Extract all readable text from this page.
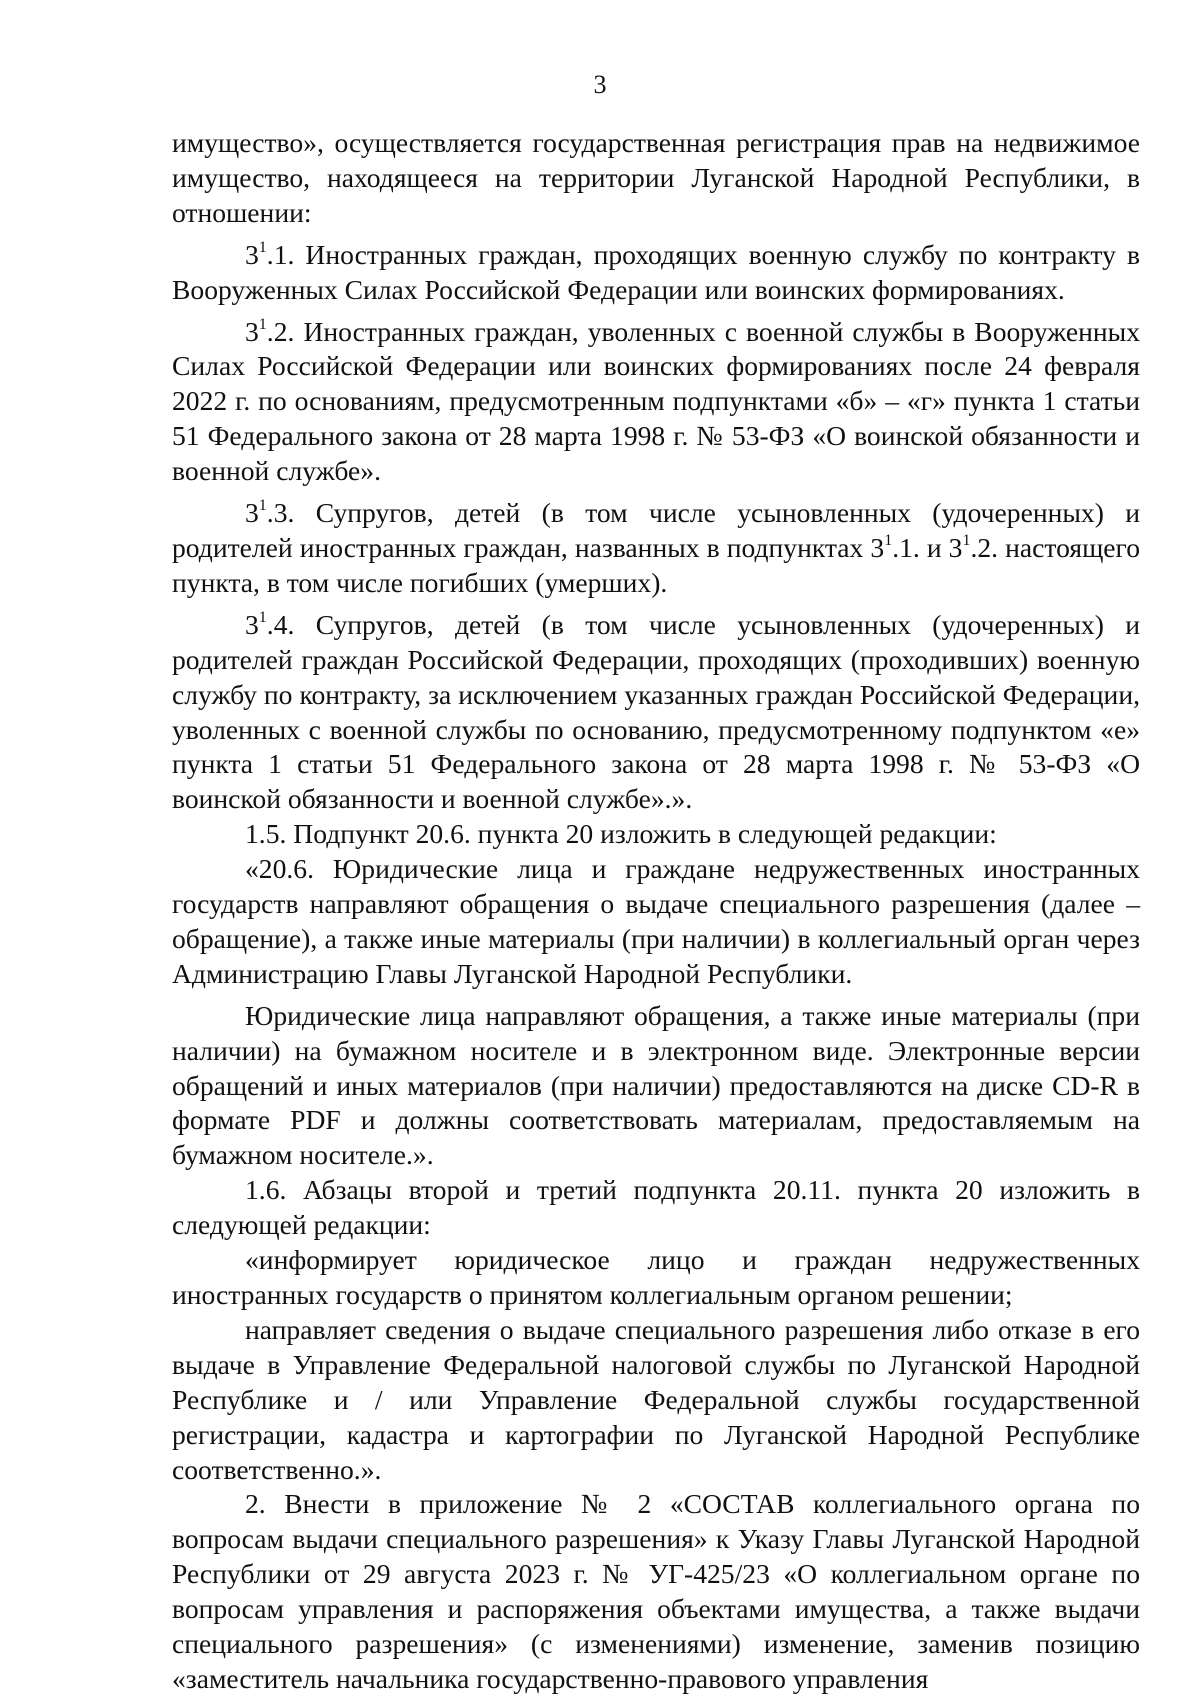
3

имущество», осуществляется государственная регистрация прав на недвижимое имущество, находящееся на территории Луганской Народной Республики, в отношении:

$3^1.1$. Иностранных граждан, проходящих военную службу по контракту в Вооруженных Силах Российской Федерации или воинских формированиях.

$3^1.2$. Иностранных граждан, уволенных с военной службы в Вооруженных Силах Российской Федерации или воинских формированиях после 24 февраля 2022 г. по основаниям, предусмотренным подпунктами «б» – «г» пункта 1 статьи 51 Федерального закона от 28 марта 1998 г. № 53-ФЗ «О воинской обязанности и военной службе».

$3^1.3$. Супругов, детей (в том числе усыновленных (удочеренных) и родителей иностранных граждан, названных в подпунктах $3^1.1$. и $3^1.2$. настоящего пункта, в том числе погибших (умерших).

$3^1.4$. Супругов, детей (в том числе усыновленных (удочеренных) и родителей граждан Российской Федерации, проходящих (проходивших) военную службу по контракту, за исключением указанных граждан Российской Федерации, уволенных с военной службы по основанию, предусмотренному подпунктом «е» пункта 1 статьи 51 Федерального закона от 28 марта 1998 г. № 53-ФЗ «О воинской обязанности и военной службе».».

1.5. Подпункт 20.6. пункта 20 изложить в следующей редакции:

«20.6. Юридические лица и граждане недружественных иностранных государств направляют обращения о выдаче специального разрешения (далее – обращение), а также иные материалы (при наличии) в коллегиальный орган через Администрацию Главы Луганской Народной Республики.

Юридические лица направляют обращения, а также иные материалы (при наличии) на бумажном носителе и в электронном виде. Электронные версии обращений и иных материалов (при наличии) предоставляются на диске CD-R в формате PDF и должны соответствовать материалам, предоставляемым на бумажном носителе.».

1.6. Абзацы второй и третий подпункта 20.11. пункта 20 изложить в следующей редакции:

«информирует юридическое лицо и граждан недружественных иностранных государств о принятом коллегиальным органом решении;

направляет сведения о выдаче специального разрешения либо отказе в его выдаче в Управление Федеральной налоговой службы по Луганской Народной Республике и / или Управление Федеральной службы государственной регистрации, кадастра и картографии по Луганской Народной Республике соответственно.».

2. Внести в приложение № 2 «СОСТАВ коллегиального органа по вопросам выдачи специального разрешения» к Указу Главы Луганской Народной Республики от 29 августа 2023 г. № УГ-425/23 «О коллегиальном органе по вопросам управления и распоряжения объектами имущества, а также выдачи специального разрешения» (с изменениями) изменение, заменив позицию «заместитель начальника государственно-правового управления
